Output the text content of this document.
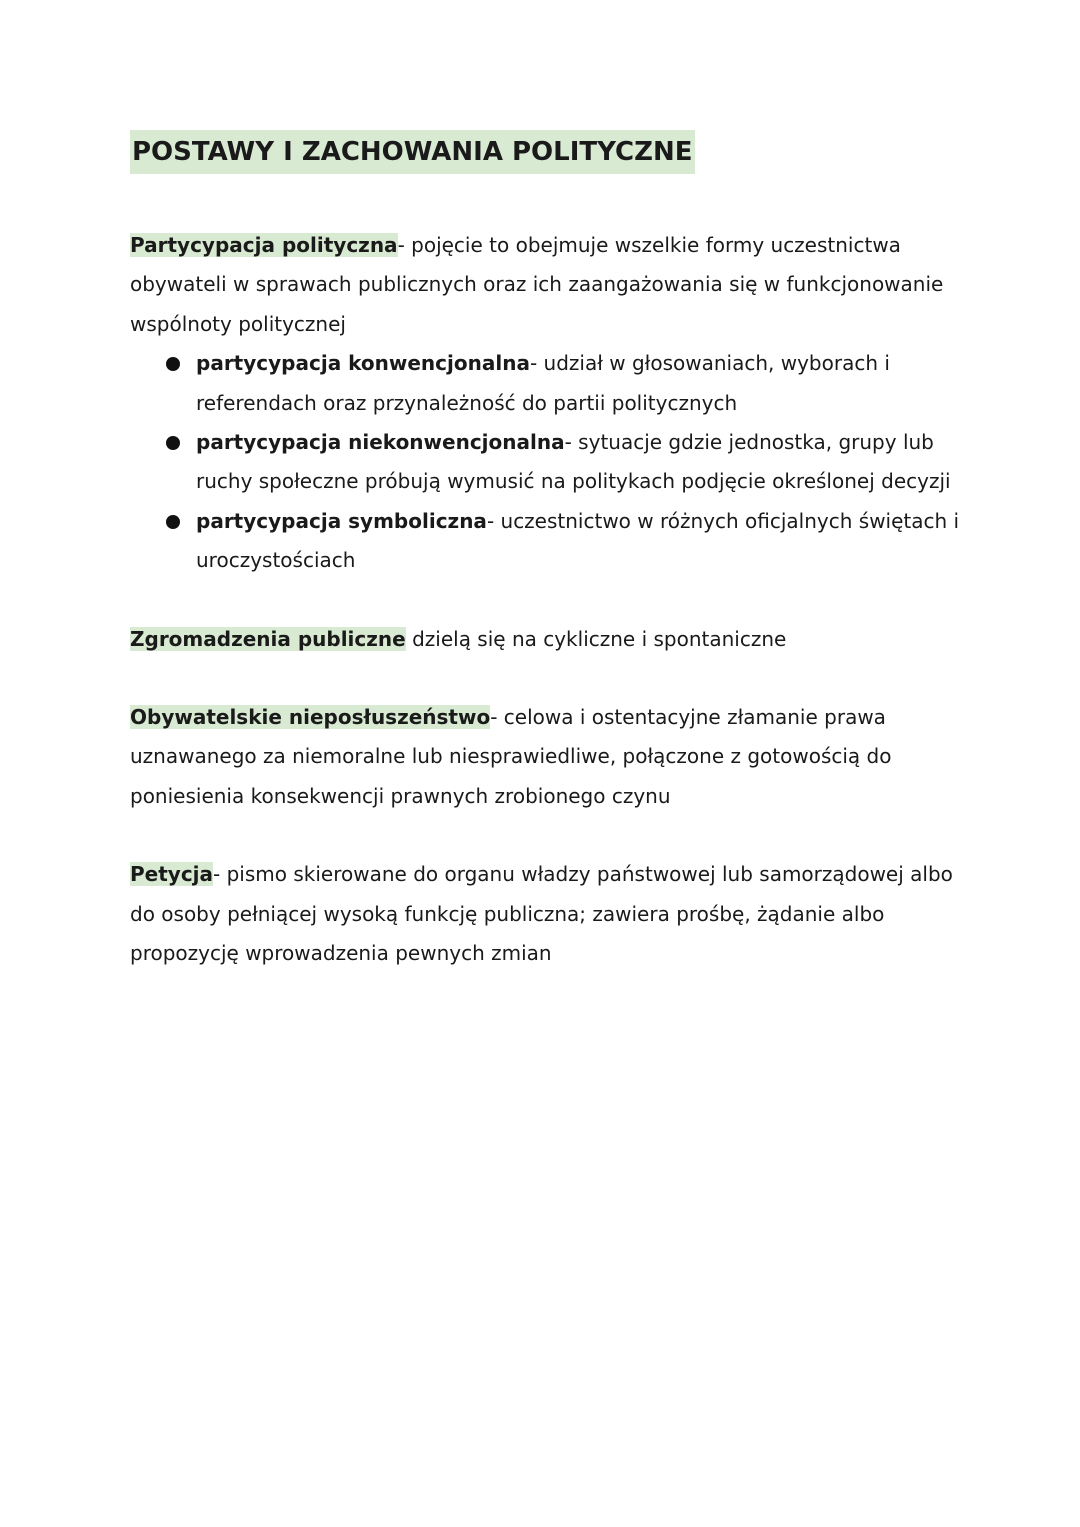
POSTAWY I ZACHOWANIA POLITYCZNE

Partycypacja polityczna- pojęcie to obejmuje wszelkie formy uczestnictwa obywateli w sprawach publicznych oraz ich zaangażowania się w funkcjonowanie wspólnoty politycznej

partycypacja konwencjonalna- udział w głosowaniach, wyborach i referendach oraz przynależność do partii politycznych
partycypacja niekonwencjonalna- sytuacje gdzie jednostka, grupy lub ruchy społeczne próbują wymusić na politykach podjęcie określonej decyzji
partycypacja symboliczna- uczestnictwo w różnych oficjalnych świętach i uroczystościach

Zgromadzenia publiczne dzielą się na cykliczne i spontaniczne

Obywatelskie nieposłuszeństwo- celowa i ostentacyjne złamanie prawa uznawanego za niemoralne lub niesprawiedliwe, połączone z gotowością do poniesienia konsekwencji prawnych zrobionego czynu

Petycja- pismo skierowane do organu władzy państwowej lub samorządowej albo do osoby pełniącej wysoką funkcję publiczna; zawiera prośbę, żądanie albo propozycję wprowadzenia pewnych zmian
